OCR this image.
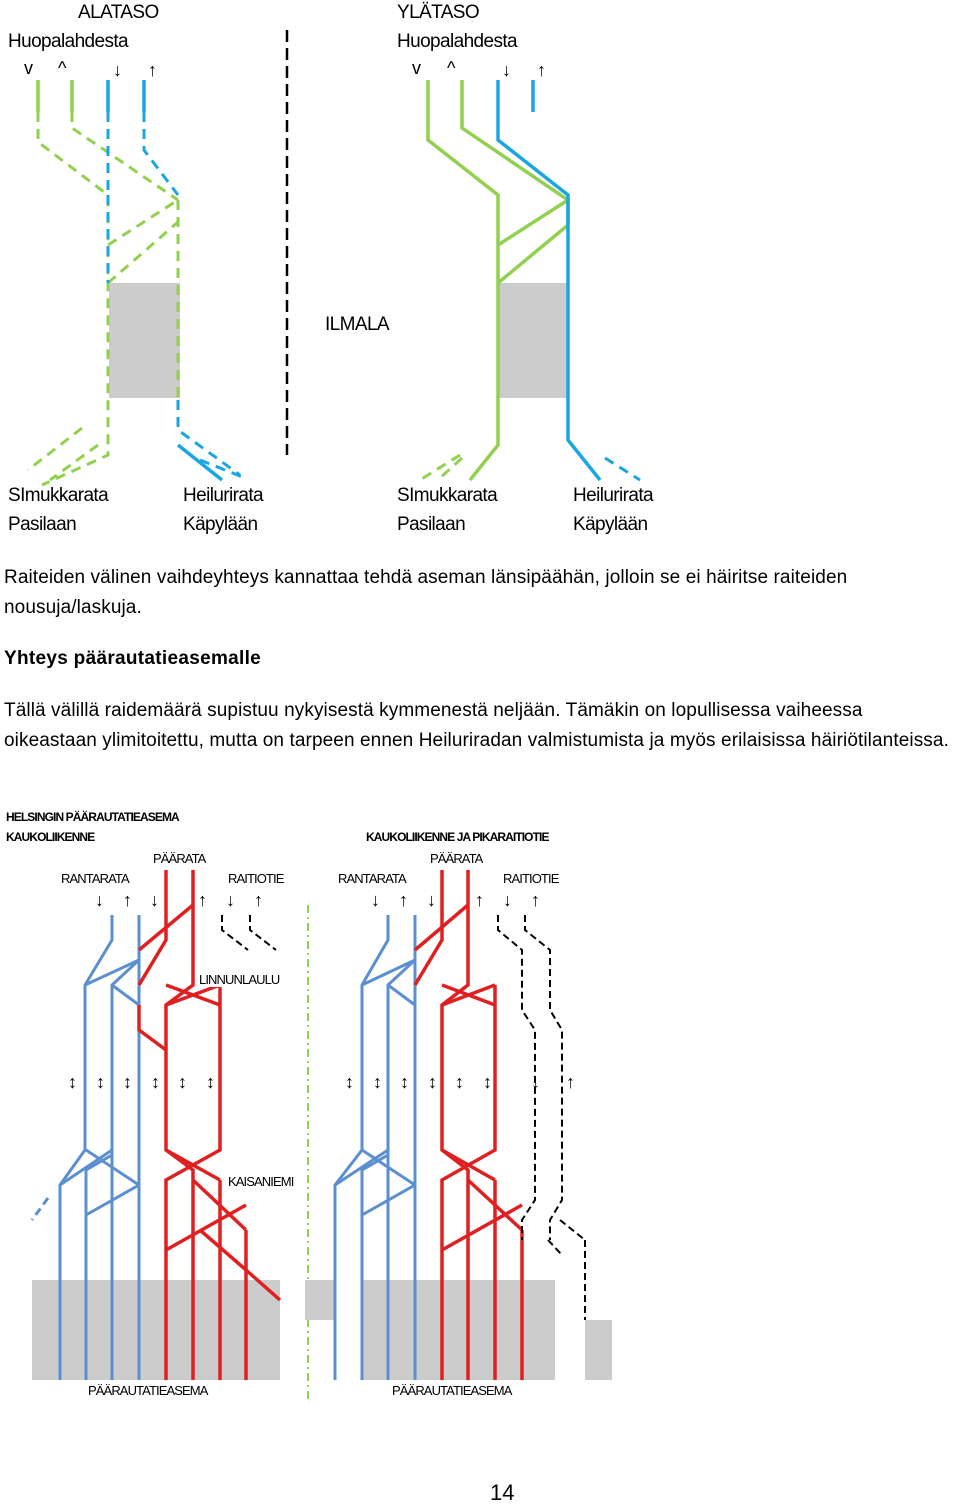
ALATASO
Huopalahdesta
YLÄTASO
Huopalahdesta
v ^	↓ ↑	v ^	↓ ↑
ILMALA
SImukkarata
Pasilaan
Heilurirata
Käpylään
SImukkarata
Pasilaan
Heilurirata
Käpylään
Raiteiden välinen vaihdeyhteys kannattaa tehdä aseman länsipäähän, jolloin se ei häiritse raiteiden nousuja/laskuja.
Yhteys päärautatieasemalle
Tällä välillä raidemäärä supistuu nykyisestä kymmenestä neljään. Tämäkin on lopullisessa vaiheessa oikeastaan ylimitoitettu, mutta on tarpeen ennen Heiluriradan valmistumista ja myös erilaisissa häiriötilanteissa.
HELSINGIN PÄÄRAUTATIEASEMA
KAUKOLIIKENNE	KAUKOLIIKENNE JA PIKARAITIOTIE
PÄÄRATA
RANTARATA	RAITIOTIE
PÄÄRATA
RANTARATA	RAITIOTIE
↓ ↑ ↓ ↑ ↓ ↑	↓ ↑ ↓ ↑ ↓ ↑
LINNUNLAULU
↕ ↕ ↕ ↕ ↕ ↕	↕ ↕ ↕ ↕ ↕ ↕ ↓ ↑
KAISANIEMI
PÄÄRAUTATIEASEMA	PÄÄRAUTATIEASEMA
14
